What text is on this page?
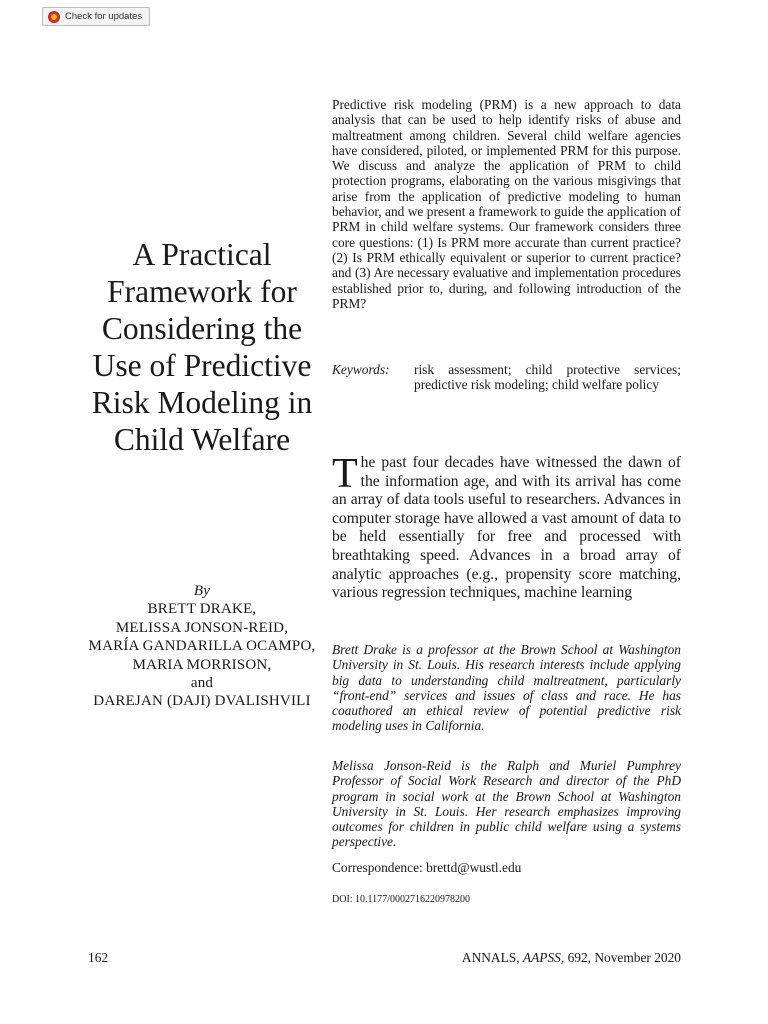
Check for updates
A Practical Framework for Considering the Use of Predictive Risk Modeling in Child Welfare
By
BRETT DRAKE,
MELISSA JONSON-REID,
MARÍA GANDARILLA OCAMPO,
MARIA MORRISON,
and
DAREJAN (DAJI) DVALISHVILI

Predictive risk modeling (PRM) is a new approach to data analysis that can be used to help identify risks of abuse and maltreatment among children. Several child welfare agencies have considered, piloted, or implemented PRM for this purpose. We discuss and analyze the application of PRM to child protection programs, elaborating on the various misgivings that arise from the application of predictive modeling to human behavior, and we present a framework to guide the application of PRM in child welfare systems. Our framework considers three core questions: (1) Is PRM more accurate than current practice? (2) Is PRM ethically equivalent or superior to current practice? and (3) Are necessary evaluative and implementation procedures established prior to, during, and following introduction of the PRM?

Keywords:	risk assessment; child protective services; predictive risk modeling; child welfare policy

The past four decades have witnessed the dawn of the information age, and with its arrival has come an array of data tools useful to researchers. Advances in computer storage have allowed a vast amount of data to be held essentially for free and processed with breathtaking speed. Advances in a broad array of analytic approaches (e.g., propensity score matching, various regression techniques, machine learning

Brett Drake is a professor at the Brown School at Washington University in St. Louis. His research interests include applying big data to understanding child maltreatment, particularly “front-end” services and issues of class and race. He has coauthored an ethical review of potential predictive risk modeling uses in California.

Melissa Jonson-Reid is the Ralph and Muriel Pumphrey Professor of Social Work Research and director of the PhD program in social work at the Brown School at Washington University in St. Louis. Her research emphasizes improving outcomes for children in public child welfare using a systems perspective.

Correspondence: brettd@wustl.edu
DOI: 10.1177/0002716220978200
162	ANNALS, AAPSS, 692, November 2020
